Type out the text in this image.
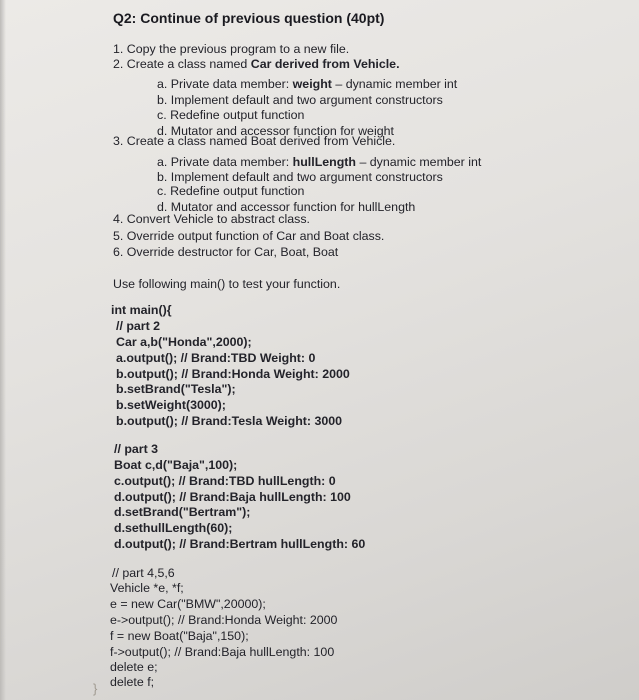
Q2: Continue of previous question (40pt)
1. Copy the previous program to a new file.
2. Create a class named Car derived from Vehicle.
a. Private data member: weight – dynamic member int
b. Implement default and two argument constructors
c. Redefine output function
d. Mutator and accessor function for weight
3. Create a class named Boat derived from Vehicle.
a. Private data member: hullLength – dynamic member int
b. Implement default and two argument constructors
c. Redefine output function
d. Mutator and accessor function for hullLength
4. Convert Vehicle to abstract class.
5. Override output function of Car and Boat class.
6. Override destructor for Car, Boat, Boat
Use following main() to test your function.
int main(){
// part 2
Car a,b("Honda",2000);
a.output(); // Brand:TBD Weight: 0
b.output(); // Brand:Honda Weight: 2000
b.setBrand("Tesla");
b.setWeight(3000);
b.output(); // Brand:Tesla Weight: 3000
// part 3
Boat c,d("Baja",100);
c.output(); // Brand:TBD hullLength: 0
d.output(); // Brand:Baja hullLength: 100
d.setBrand("Bertram");
d.sethullLength(60);
d.output(); // Brand:Bertram hullLength: 60
// part 4,5,6
Vehicle *e, *f;
e = new Car("BMW",20000);
e->output(); // Brand:Honda Weight: 2000
f = new Boat("Baja",150);
f->output(); // Brand:Baja hullLength: 100
delete e;
delete f;
}
